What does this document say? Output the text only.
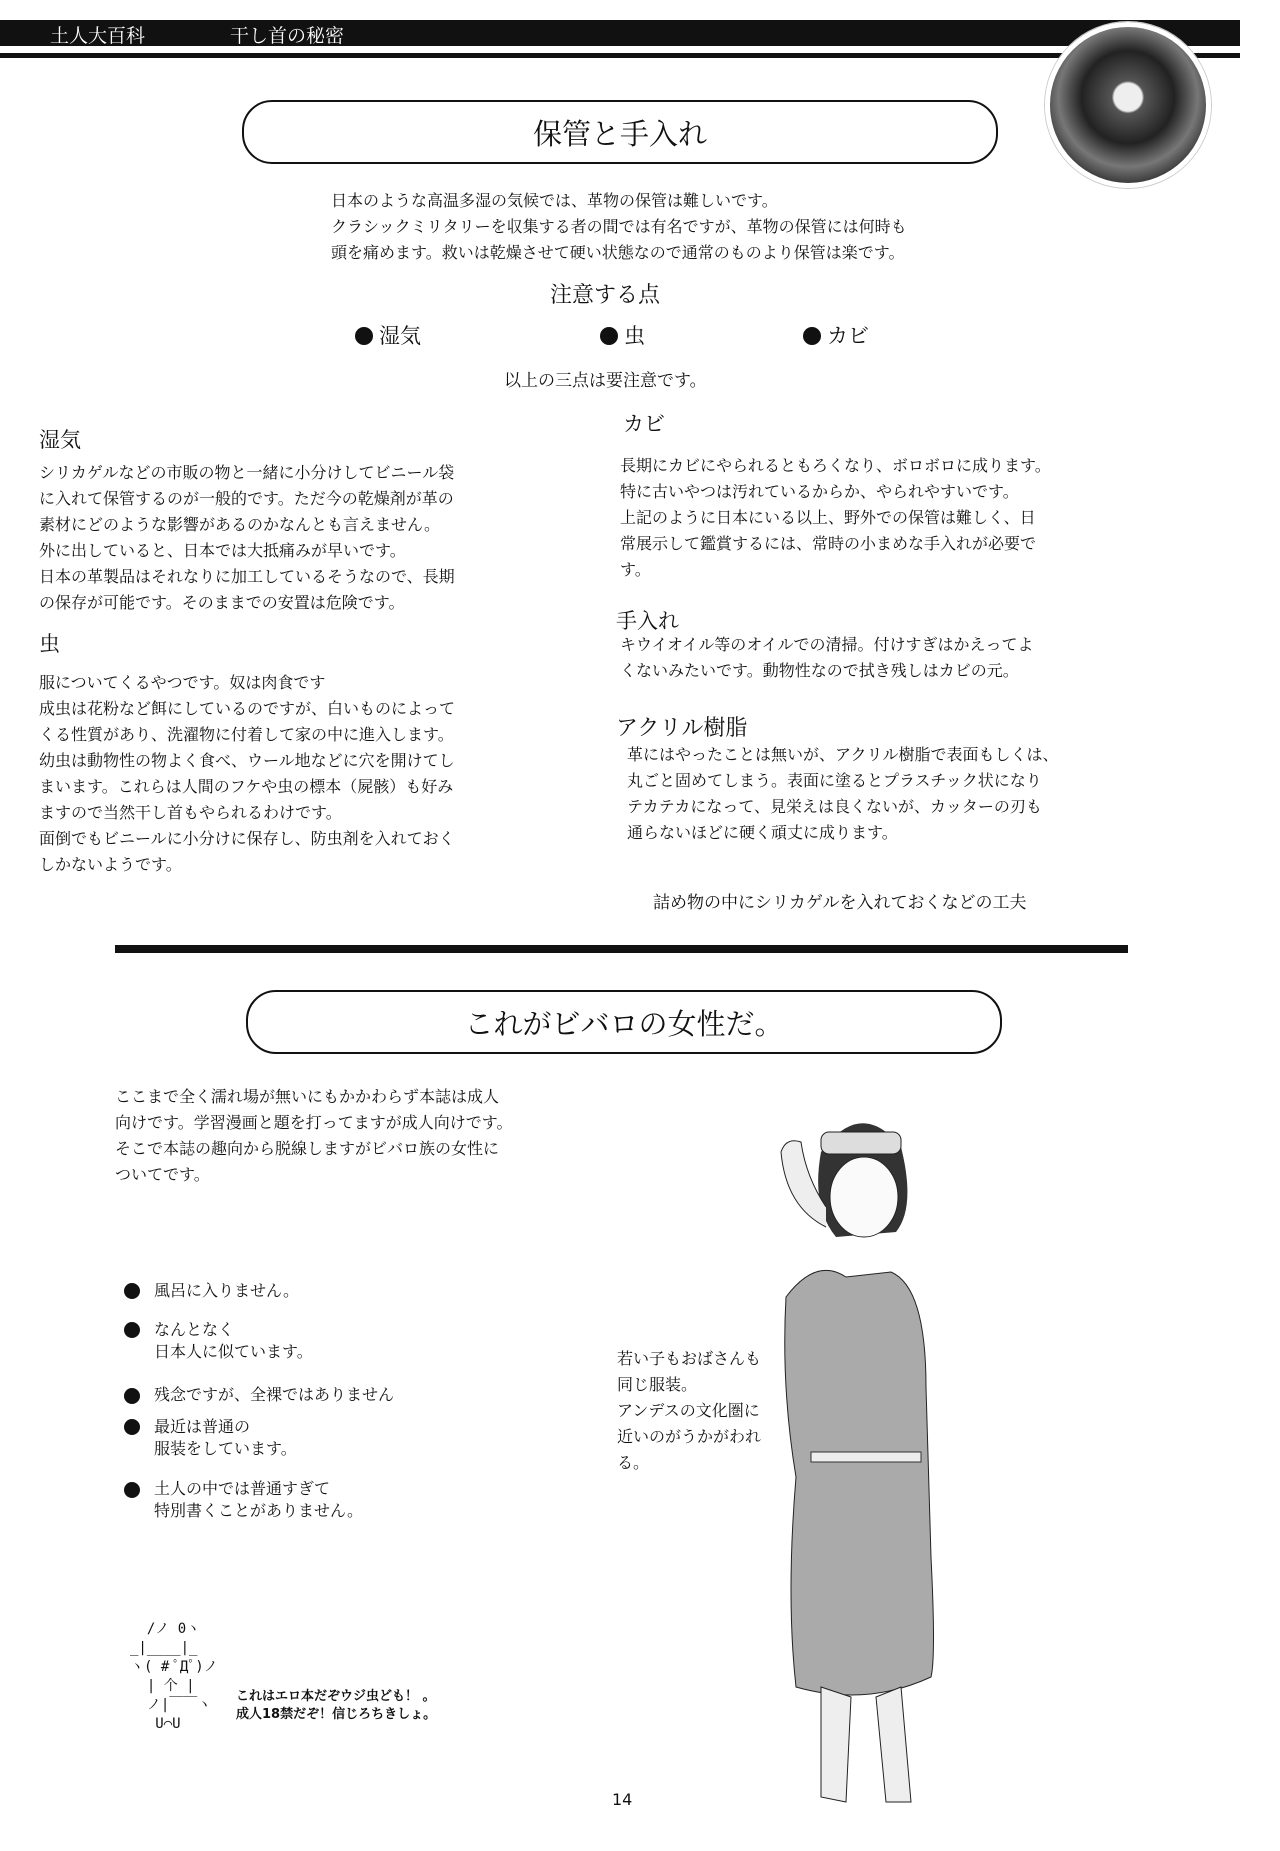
土人大百科	干し首の秘密
保管と手入れ
日本のような高温多湿の気候では、革物の保管は難しいです。
クラシックミリタリーを収集する者の間では有名ですが、革物の保管には何時も
頭を痛めます。救いは乾燥させて硬い状態なので通常のものより保管は楽です。
注意する点
湿気	虫	カビ
以上の三点は要注意です。
湿気
シリカゲルなどの市販の物と一緒に小分けしてビニール袋
に入れて保管するのが一般的です。ただ今の乾燥剤が革の
素材にどのような影響があるのかなんとも言えません。
外に出していると、日本では大抵痛みが早いです。
日本の革製品はそれなりに加工しているそうなので、長期
の保存が可能です。そのままでの安置は危険です。
虫
服についてくるやつです。奴は肉食です
成虫は花粉など餌にしているのですが、白いものによって
くる性質があり、洗濯物に付着して家の中に進入します。
幼虫は動物性の物よく食べ、ウール地などに穴を開けてし
まいます。これらは人間のフケや虫の標本（屍骸）も好み
ますので当然干し首もやられるわけです。
面倒でもビニールに小分けに保存し、防虫剤を入れておく
しかないようです。
カビ
長期にカビにやられるともろくなり、ボロボロに成ります。
特に古いやつは汚れているからか、やられやすいです。
上記のように日本にいる以上、野外での保管は難しく、日
常展示して鑑賞するには、常時の小まめな手入れが必要で
す。
手入れ
キウイオイル等のオイルでの清掃。付けすぎはかえってよ
くないみたいです。動物性なので拭き残しはカビの元。
アクリル樹脂
革にはやったことは無いが、アクリル樹脂で表面もしくは、
丸ごと固めてしまう。表面に塗るとプラスチック状になり
テカテカになって、見栄えは良くないが、カッターの刃も
通らないほどに硬く頑丈に成ります。
詰め物の中にシリカゲルを入れておくなどの工夫
これがビバロの女性だ。
ここまで全く濡れ場が無いにもかかわらず本誌は成人
向けです。学習漫画と題を打ってますが成人向けです。
そこで本誌の趣向から脱線しますがビバロ族の女性に
ついてです。
風呂に入りません。
なんとなく
日本人に似ています。
残念ですが、全裸ではありません
最近は普通の
服装をしています。
土人の中では普通すぎて
特別書くことがありません。
若い子もおばさんも
同じ服装。
アンデスの文化圏に
近いのがうかがわれ
る。
/ノ 0ヽ
_|____|_
ヽ( # ﾟДﾟ)ノ
| 个 |
ノ|￣￣ヽ
U⌒U
これはエロ本だぞウジ虫ども！ 。
成人18禁だぞ！信じろちきしょ。
14
